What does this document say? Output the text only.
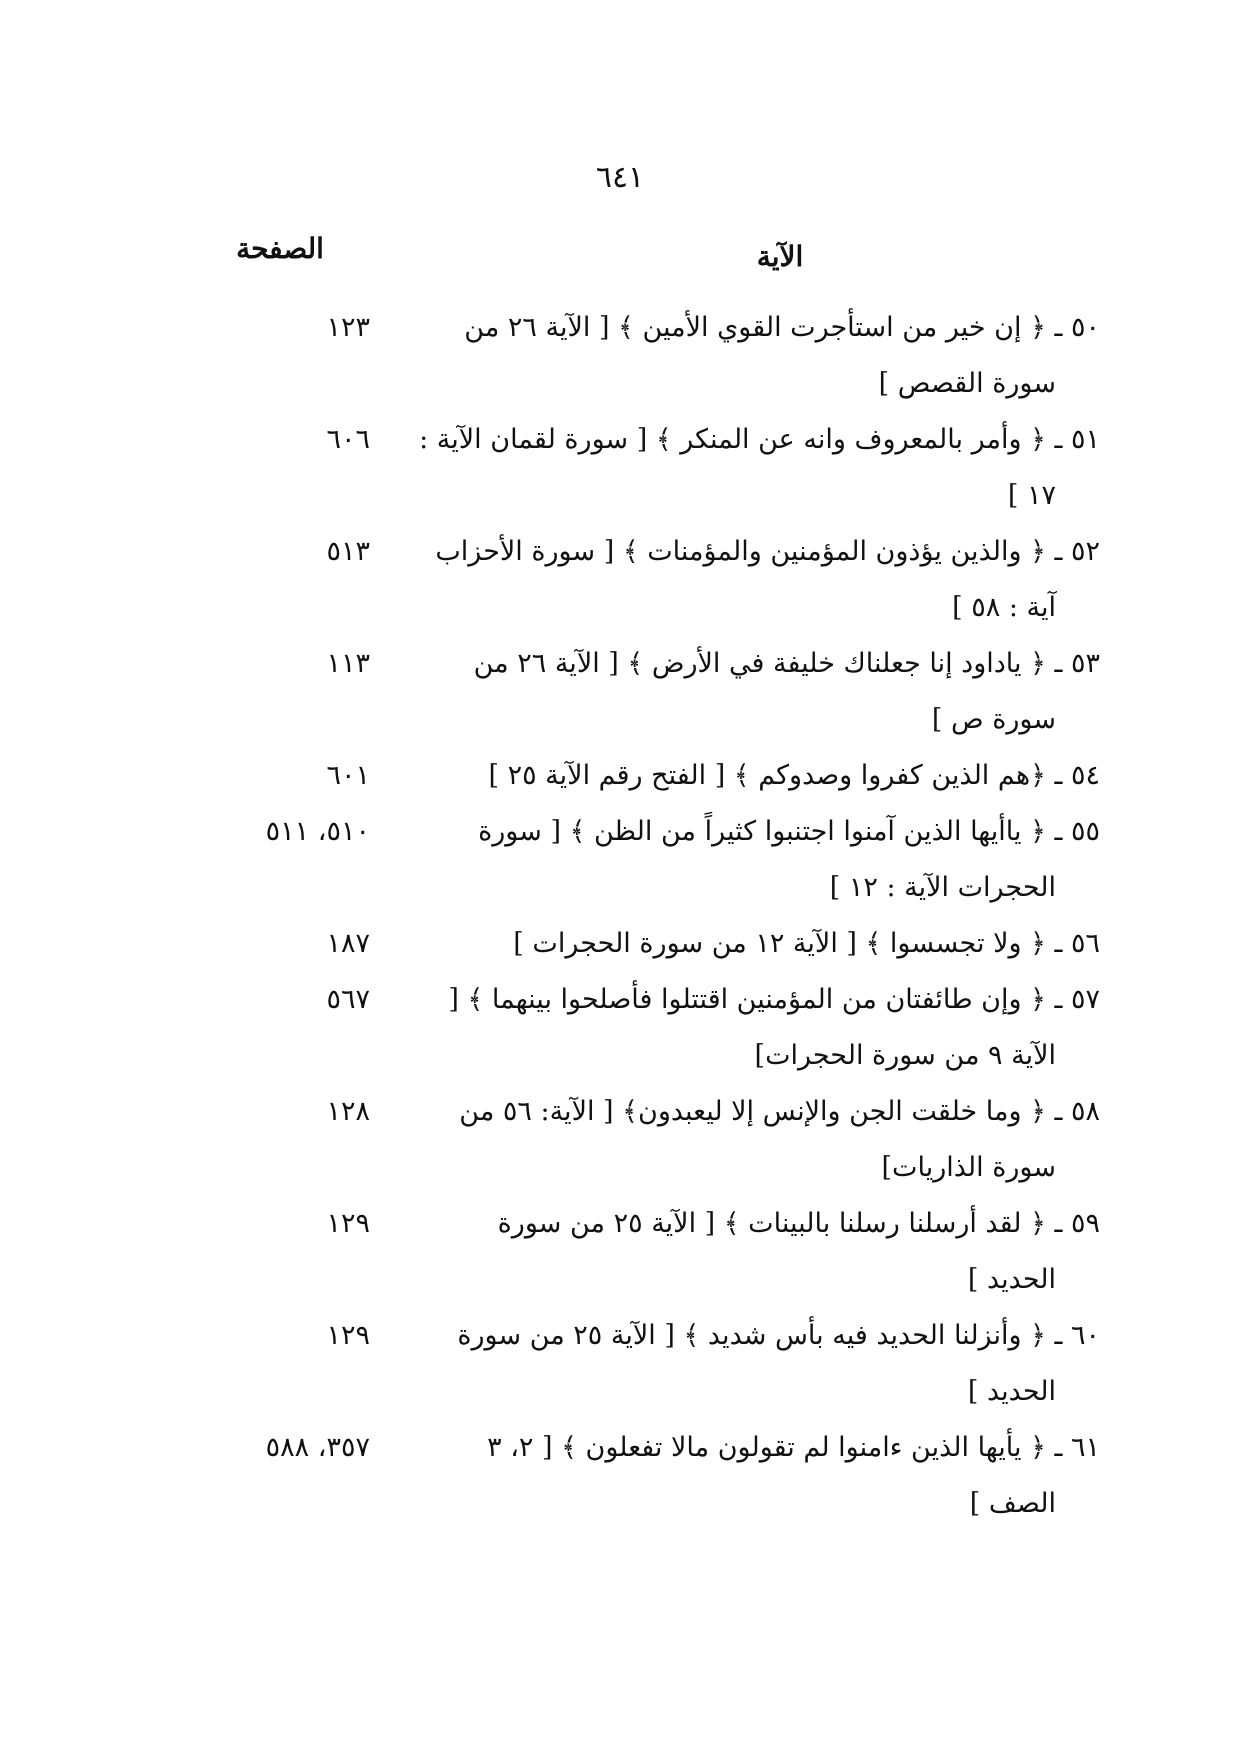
٦٤١
الآية
الصفحة
٥٠ ـ ﴿ إن خير من استأجرت القوي الأمين ﴾ [ الآية ٢٦ من
سورة القصص ]
١٢٣
٥١ ـ ﴿ وأمر بالمعروف وانه عن المنكر ﴾ [ سورة لقمان الآية :
١٧ ]
٦٠٦
٥٢ ـ ﴿ والذين يؤذون المؤمنين والمؤمنات ﴾ [ سورة الأحزاب
آية : ٥٨ ]
٥١٣
٥٣ ـ ﴿ ياداود إنا جعلناك خليفة في الأرض ﴾ [ الآية ٢٦ من
سورة ص ]
١١٣
٥٤ ـ ﴿هم الذين كفروا وصدوكم ﴾ [ الفتح رقم الآية ٢٥ ]
٦٠١
٥٥ ـ ﴿ ياأيها الذين آمنوا اجتنبوا كثيراً من الظن ﴾ [ سورة
الحجرات الآية : ١٢ ]
٥١٠، ٥١١
٥٦ ـ ﴿ ولا تجسسوا ﴾ [ الآية ١٢ من سورة الحجرات ]
١٨٧
٥٧ ـ ﴿ وإن طائفتان من المؤمنين اقتتلوا فأصلحوا بينهما ﴾ [
الآية ٩ من سورة الحجرات]
٥٦٧
٥٨ ـ ﴿ وما خلقت الجن والإنس إلا ليعبدون﴾ [ الآية: ٥٦ من
سورة الذاريات]
١٢٨
٥٩ ـ ﴿ لقد أرسلنا رسلنا بالبينات ﴾ [ الآية ٢٥ من سورة
الحديد ]
١٢٩
٦٠ ـ ﴿ وأنزلنا الحديد فيه بأس شديد ﴾ [ الآية ٢٥ من سورة
الحديد ]
١٢٩
٦١ ـ ﴿ يأيها الذين ءامنوا لم تقولون مالا تفعلون ﴾ [ ٢، ٣
الصف ]
٣٥٧، ٥٨٨
